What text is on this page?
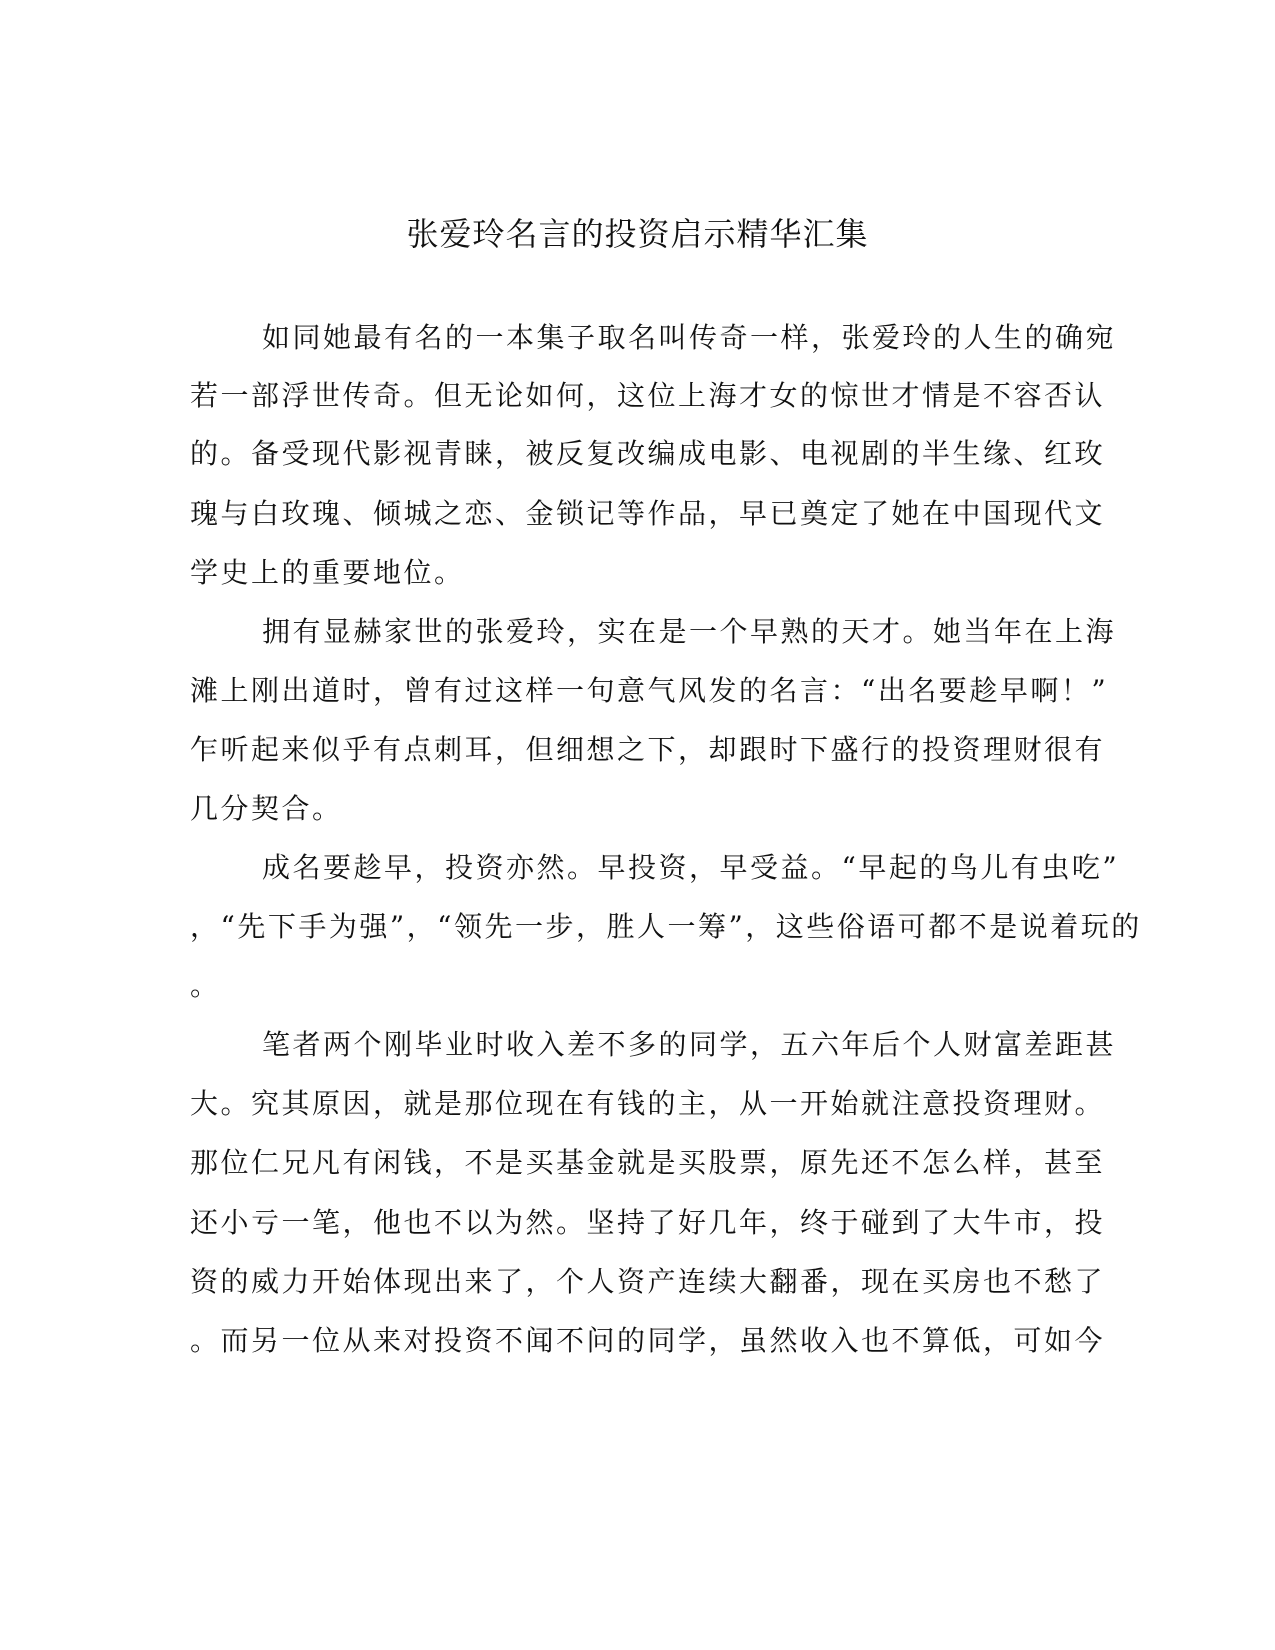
张爱玲名言的投资启示精华汇集
如同她最有名的一本集子取名叫传奇一样，张爱玲的人生的确宛
若一部浮世传奇。但无论如何，这位上海才女的惊世才情是不容否认
的。备受现代影视青睐，被反复改编成电影、电视剧的半生缘、红玫
瑰与白玫瑰、倾城之恋、金锁记等作品，早已奠定了她在中国现代文
学史上的重要地位。
拥有显赫家世的张爱玲，实在是一个早熟的天才。她当年在上海
滩上刚出道时，曾有过这样一句意气风发的名言：“出名要趁早啊！”
乍听起来似乎有点刺耳，但细想之下，却跟时下盛行的投资理财很有
几分契合。
成名要趁早，投资亦然。早投资，早受益。“早起的鸟儿有虫吃”
，“先下手为强”，“领先一步，胜人一筹”，这些俗语可都不是说着玩的
。
笔者两个刚毕业时收入差不多的同学，五六年后个人财富差距甚
大。究其原因，就是那位现在有钱的主，从一开始就注意投资理财。
那位仁兄凡有闲钱，不是买基金就是买股票，原先还不怎么样，甚至
还小亏一笔，他也不以为然。坚持了好几年，终于碰到了大牛市，投
资的威力开始体现出来了，个人资产连续大翻番，现在买房也不愁了
。而另一位从来对投资不闻不问的同学，虽然收入也不算低，可如今
